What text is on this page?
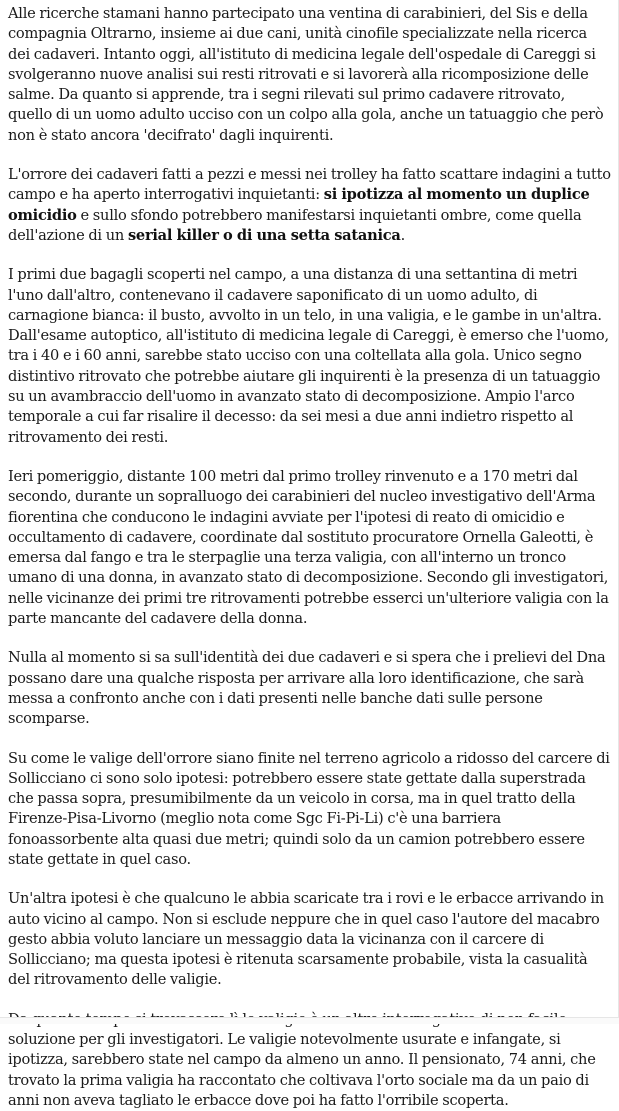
Alle ricerche stamani hanno partecipato una ventina di carabinieri, del Sis e della compagnia Oltrarno, insieme ai due cani, unità cinofile specializzate nella ricerca dei cadaveri. Intanto oggi, all'istituto di medicina legale dell'ospedale di Careggi si svolgeranno nuove analisi sui resti ritrovati e si lavorerà alla ricomposizione delle salme. Da quanto si apprende, tra i segni rilevati sul primo cadavere ritrovato, quello di un uomo adulto ucciso con un colpo alla gola, anche un tatuaggio che però non è stato ancora 'decifrato' dagli inquirenti.

L'orrore dei cadaveri fatti a pezzi e messi nei trolley ha fatto scattare indagini a tutto campo e ha aperto interrogativi inquietanti: si ipotizza al momento un duplice omicidio e sullo sfondo potrebbero manifestarsi inquietanti ombre, come quella dell'azione di un serial killer o di una setta satanica.

I primi due bagagli scoperti nel campo, a una distanza di una settantina di metri l'uno dall'altro, contenevano il cadavere saponificato di un uomo adulto, di carnagione bianca: il busto, avvolto in un telo, in una valigia, e le gambe in un'altra. Dall'esame autoptico, all'istituto di medicina legale di Careggi, è emerso che l'uomo, tra i 40 e i 60 anni, sarebbe stato ucciso con una coltellata alla gola. Unico segno distintivo ritrovato che potrebbe aiutare gli inquirenti è la presenza di un tatuaggio su un avambraccio dell'uomo in avanzato stato di decomposizione. Ampio l'arco temporale a cui far risalire il decesso: da sei mesi a due anni indietro rispetto al ritrovamento dei resti.

Ieri pomeriggio, distante 100 metri dal primo trolley rinvenuto e a 170 metri dal secondo, durante un sopralluogo dei carabinieri del nucleo investigativo dell'Arma fiorentina che conducono le indagini avviate per l'ipotesi di reato di omicidio e occultamento di cadavere, coordinate dal sostituto procuratore Ornella Galeotti, è emersa dal fango e tra le sterpaglie una terza valigia, con all'interno un tronco umano di una donna, in avanzato stato di decomposizione. Secondo gli investigatori, nelle vicinanze dei primi tre ritrovamenti potrebbe esserci un'ulteriore valigia con la parte mancante del cadavere della donna.

Nulla al momento si sa sull'identità dei due cadaveri e si spera che i prelievi del Dna possano dare una qualche risposta per arrivare alla loro identificazione, che sarà messa a confronto anche con i dati presenti nelle banche dati sulle persone scomparse.

Su come le valige dell'orrore siano finite nel terreno agricolo a ridosso del carcere di Sollicciano ci sono solo ipotesi: potrebbero essere state gettate dalla superstrada che passa sopra, presumibilmente da un veicolo in corsa, ma in quel tratto della Firenze-Pisa-Livorno (meglio nota come Sgc Fi-Pi-Li) c'è una barriera fonoassorbente alta quasi due metri; quindi solo da un camion potrebbero essere state gettate in quel caso.

Un'altra ipotesi è che qualcuno le abbia scaricate tra i rovi e le erbacce arrivando in auto vicino al campo. Non si esclude neppure che in quel caso l'autore del macabro gesto abbia voluto lanciare un messaggio data la vicinanza con il carcere di Sollicciano; ma questa ipotesi è ritenuta scarsamente probabile, vista la casualità del ritrovamento delle valigie.

soluzione per gli investigatori. Le valigie notevolmente usurate e infangate, si ipotizza, sarebbero state nel campo da almeno un anno. Il pensionato, 74 anni, che trovato la prima valigia ha raccontato che coltivava l'orto sociale ma da un paio di anni non aveva tagliato le erbacce dove poi ha fatto l'orribile scoperta.
